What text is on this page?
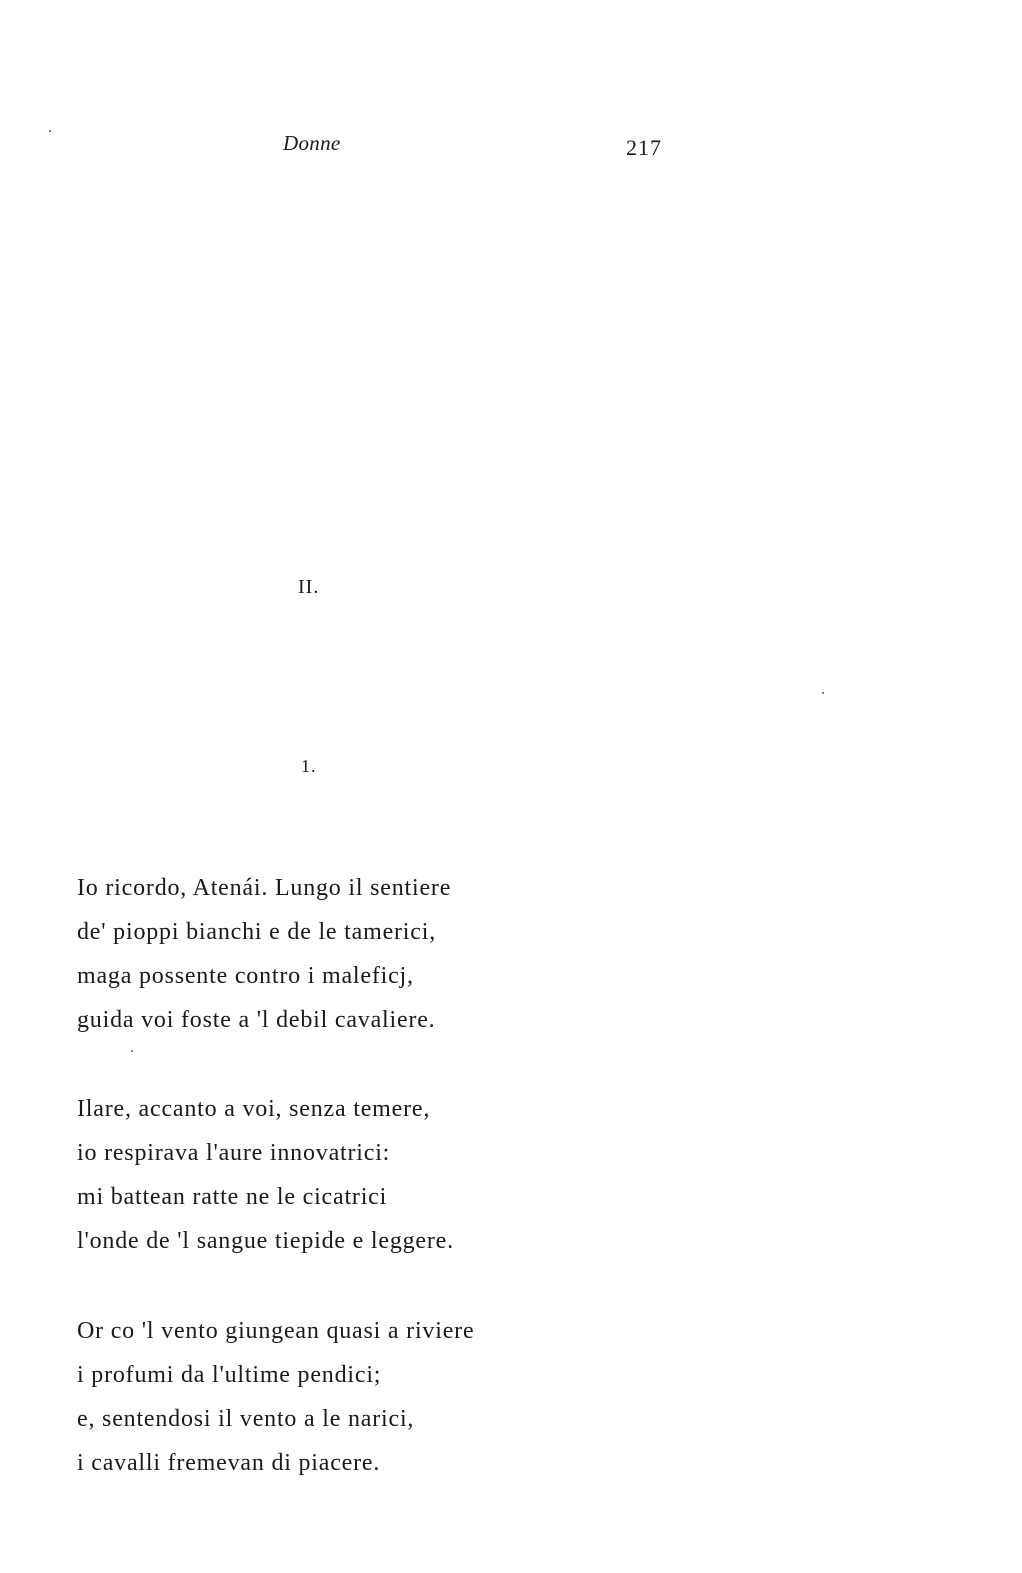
Donne	217
II.
1.
Io ricordo, Atenái. Lungo il sentiere
de' pioppi bianchi e de le tamerici,
maga possente contro i maleficj,
guida voi foste a 'l debil cavaliere.
Ilare, accanto a voi, senza temere,
io respirava l'aure innovatrici:
mi battean ratte ne le cicatrici
l'onde de 'l sangue tiepide e leggere.
Or co 'l vento giungean quasi a riviere
i profumi da l'ultime pendici;
e, sentendosi il vento a le narici,
i cavalli fremevan di piacere.
